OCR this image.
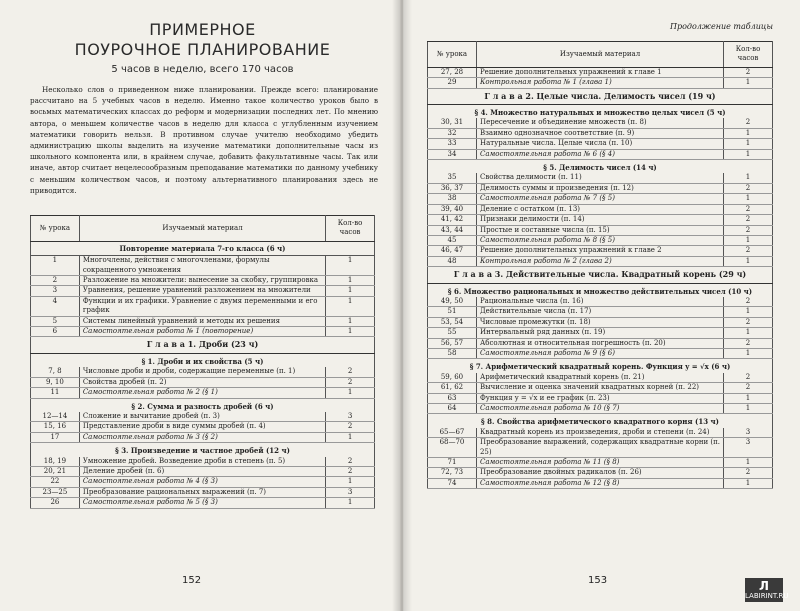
ПРИМЕРНОЕ
ПОУРОЧНОЕ ПЛАНИРОВАНИЕ
5 часов в неделю, всего 170 часов

Несколько слов о приведенном ниже планировании. Прежде всего: планирование рассчитано на 5 учебных часов в неделю. Именно такое количество уроков было в восьмых математических классах до реформ и модернизации последних лет. По мнению автора, о меньшем количестве часов в неделю для класса с углубленным изучением математики говорить нельзя. В противном случае учителю необходимо убедить администрацию школы выделить на изучение математики дополнительные часы из школьного компонента или, в крайнем случае, добавить факультативные часы. Так или иначе, автор считает нецелесообразным преподавание математики по данному учебнику с меньшим количеством часов, и поэтому альтернативного планирования здесь не приводится.

№ урока	Изучаемый материал	Кол-во часов
Повторение материала 7-го класса (6 ч)		
1	Многочлены, действия с многочленами, формулы сокращенного умножения	1
2	Разложение на множители: вынесение за скобку, группировка	1
3	Уравнения, решение уравнений разложением на множители	1
4	Функции и их графики. Уравнение с двумя переменными и его график	1
5	Системы линейный уравнений и методы их решения	1
6	Самостоятельная работа № 1 (повторение)	1
Г л а в а 1. Дроби (23 ч)		
§ 1. Дроби и их свойства (5 ч)		
7, 8	Числовые дроби и дроби, содержащие переменные (п. 1)	2
9, 10	Свойства дробей (п. 2)	2
11	Самостоятельная работа № 2 (§ 1)	1
§ 2. Сумма и разность дробей (6 ч)		
12—14	Сложение и вычитание дробей (п. 3)	3
15, 16	Представление дроби в виде суммы дробей (п. 4)	2
17	Самостоятельная работа № 3 (§ 2)	1
§ 3. Произведение и частное дробей (12 ч)		
18, 19	Умножение дробей. Возведение дроби в степень (п. 5)	2
20, 21	Деление дробей (п. 6)	2
22	Самостоятельная работа № 4 (§ 3)	1
23—25	Преобразование рациональных выражений (п. 7)	3
26	Самостоятельная работа № 5 (§ 3)	1
152
Продолжение таблицы
№ урока	Изучаемый материал	Кол-во часов
27, 28	Решение дополнительных упражнений к главе 1	2
29	Контрольная работа № 1 (глава 1)	1
Г л а в а 2. Целые числа. Делимость чисел (19 ч)		
§ 4. Множество натуральных и множество целых чисел (5 ч)		
30, 31	Пересечение и объединение множеств (п. 8)	2
32	Взаимно однозначное соответствие (п. 9)	1
33	Натуральные числа. Целые числа (п. 10)	1
34	Самостоятельная работа № 6 (§ 4)	1
§ 5. Делимость чисел (14 ч)		
35	Свойства делимости (п. 11)	1
36, 37	Делимость суммы и произведения (п. 12)	2
38	Самостоятельная работа № 7 (§ 5)	1
39, 40	Деление с остатком (п. 13)	2
41, 42	Признаки делимости (п. 14)	2
43, 44	Простые и составные числа (п. 15)	2
45	Самостоятельная работа № 8 (§ 5)	1
46, 47	Решение дополнительных упражнений к главе 2	2
48	Контрольная работа № 2 (глава 2)	1
Г л а в а 3. Действительные числа. Квадратный корень (29 ч)		
§ 6. Множество рациональных и множество действительных чисел (10 ч)		
49, 50	Рациональные числа (п. 16)	2
51	Действительные числа (п. 17)	1
53, 54	Числовые промежутки (п. 18)	2
55	Интервальный ряд данных (п. 19)	1
56, 57	Абсолютная и относительная погрешность (п. 20)	2
58	Самостоятельная работа № 9 (§ 6)	1
§ 7. Арифметический квадратный корень. Функция y = √x (6 ч)		
59, 60	Арифметический квадратный корень (п. 21)	2
61, 62	Вычисление и оценка значений квадратных корней (п. 22)	2
63	Функция y = √x и ее график (п. 23)	1
64	Самостоятельная работа № 10 (§ 7)	1
§ 8. Свойства арифметического квадратного корня (13 ч)		
65—67	Квадратный корень из произведения, дроби и степени (п. 24)	3
68—70	Преобразование выражений, содержащих квадратные корни (п. 25)	3
71	Самостоятельная работа № 11 (§ 8)	1
72, 73	Преобразование двойных радикалов (п. 26)	2
74	Самостоятельная работа № 12 (§ 8)	1
153	Л
LABIRINT.RU
